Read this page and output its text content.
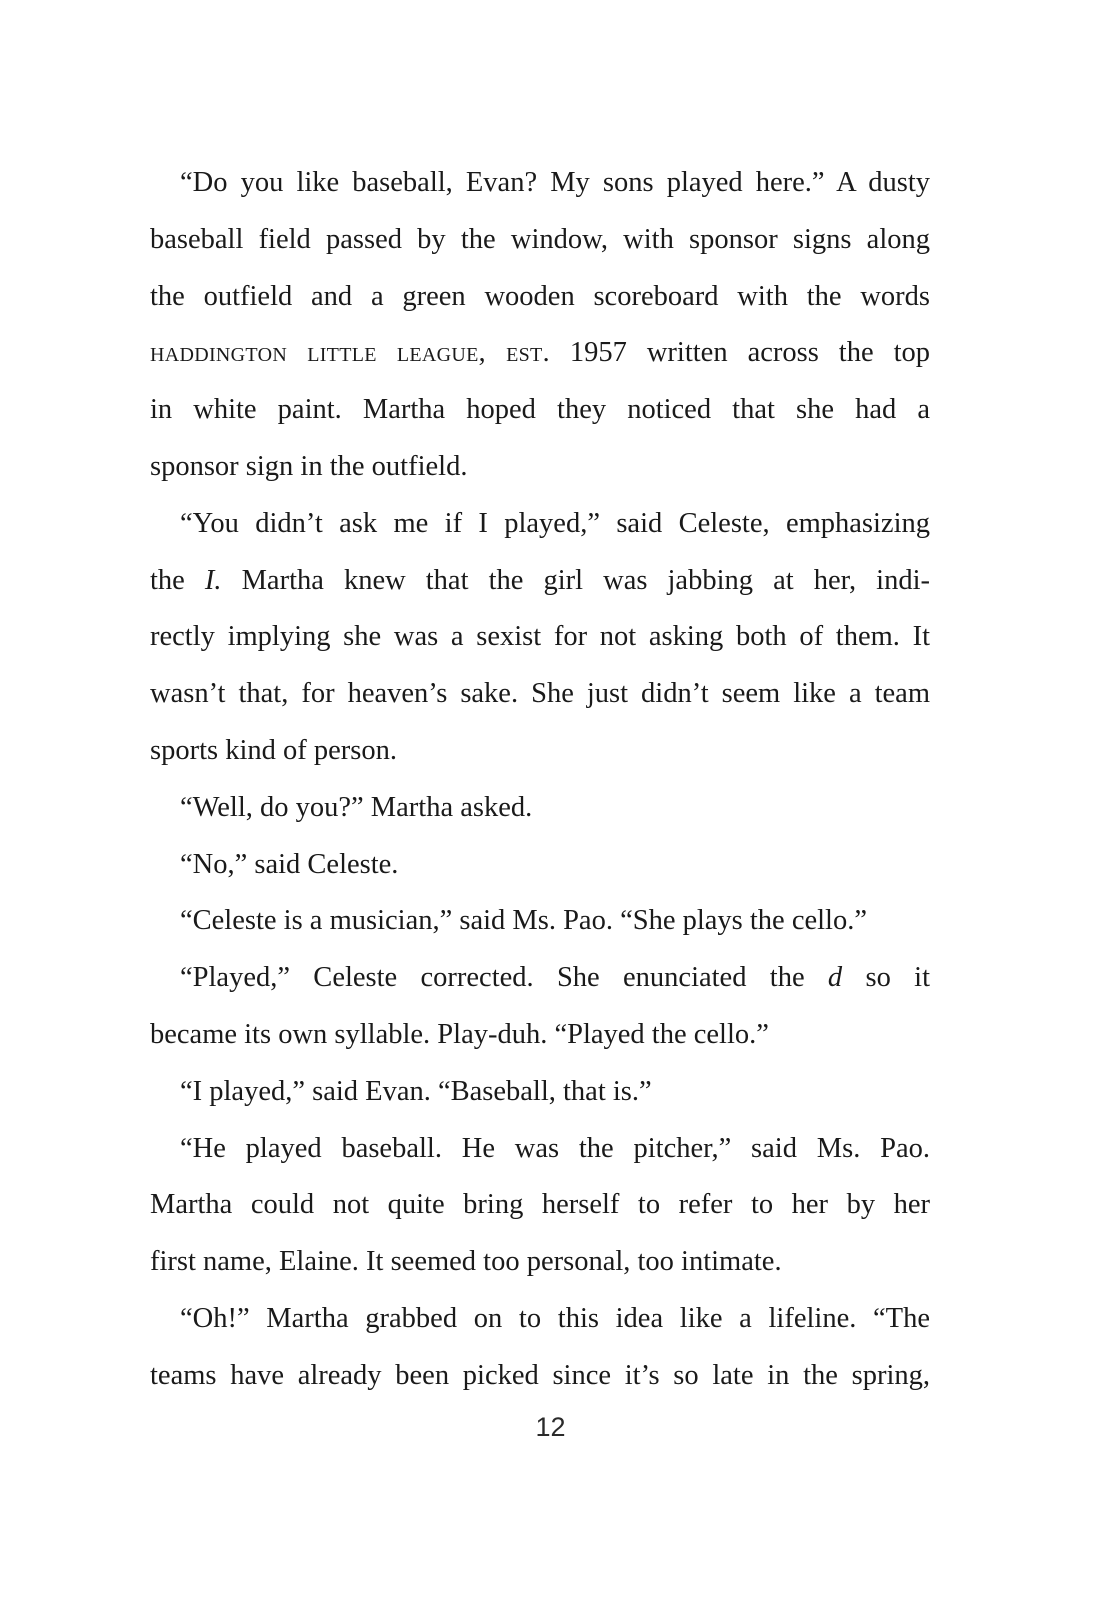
“Do you like baseball, Evan? My sons played here.” A dusty
baseball field passed by the window, with sponsor signs along
the outfield and a green wooden scoreboard with the words
haddington little league, est. 1957 written across the top
in white paint. Martha hoped they noticed that she had a
sponsor sign in the outfield.
“You didn’t ask me if I played,” said Celeste, emphasizing
the I. Martha knew that the girl was jabbing at her, indi-
rectly implying she was a sexist for not asking both of them. It
wasn’t that, for heaven’s sake. She just didn’t seem like a team
sports kind of person.
“Well, do you?” Martha asked.
“No,” said Celeste.
“Celeste is a musician,” said Ms. Pao. “She plays the cello.”
“Played,” Celeste corrected. She enunciated the d so it
became its own syllable. Play-duh. “Played the cello.”
“I played,” said Evan. “Baseball, that is.”
“He played baseball. He was the pitcher,” said Ms. Pao.
Martha could not quite bring herself to refer to her by her
first name, Elaine. It seemed too personal, too intimate.
“Oh!” Martha grabbed on to this idea like a lifeline. “The
teams have already been picked since it’s so late in the spring,
12
